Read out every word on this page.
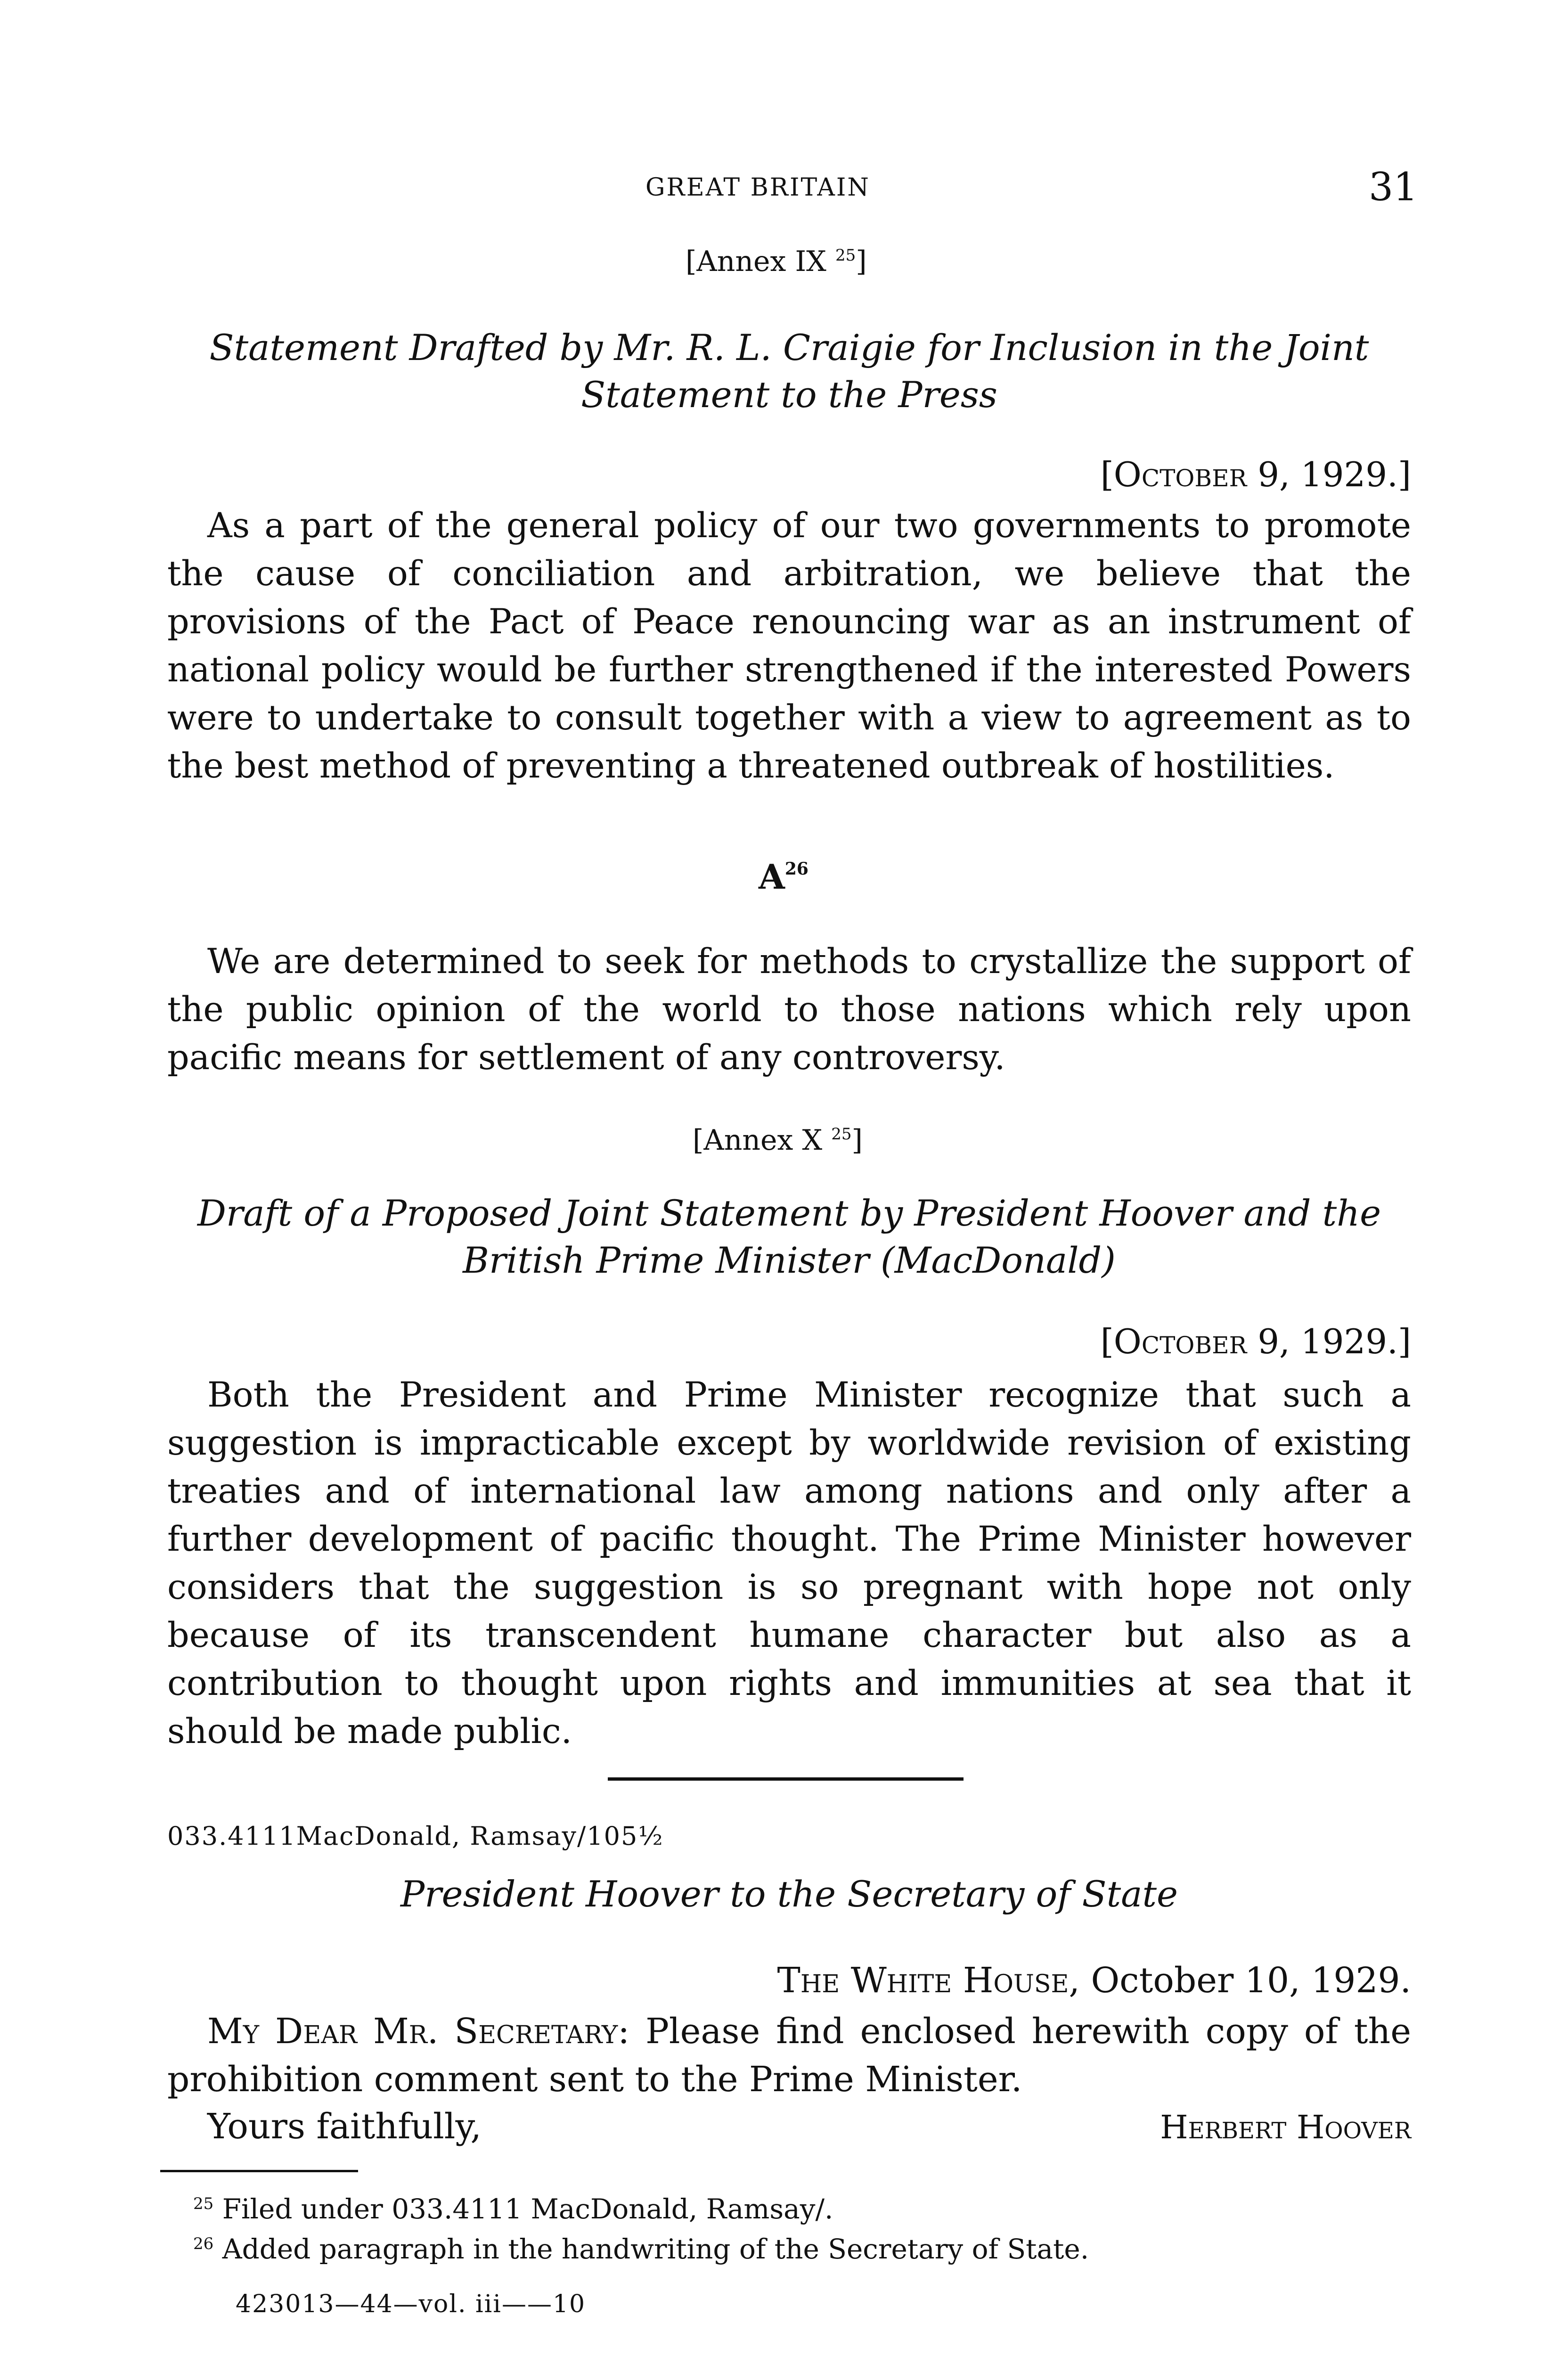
GREAT BRITAIN	31
[Annex IX $^{25}$]
Statement Drafted by Mr. R. L. Craigie for Inclusion in the Joint
Statement to the Press
[October 9, 1929.]
As a part of the general policy of our two governments to promote the cause of conciliation and arbitration, we believe that the provisions of the Pact of Peace renouncing war as an instrument of national policy would be further strengthened if the interested Powers were to undertake to consult together with a view to agreement as to the best method of preventing a threatened outbreak of hostilities.
$A^{26}$
We are determined to seek for methods to crystallize the support of the public opinion of the world to those nations which rely upon pacific means for settlement of any controversy.
[Annex X $^{25}$]
Draft of a Proposed Joint Statement by President Hoover and the
British Prime Minister (MacDonald)
[October 9, 1929.]
Both the President and Prime Minister recognize that such a suggestion is impracticable except by worldwide revision of existing treaties and of international law among nations and only after a further development of pacific thought. The Prime Minister however considers that the suggestion is so pregnant with hope not only because of its transcendent humane character but also as a contribution to thought upon rights and immunities at sea that it should be made public.
033.4111MacDonald, Ramsay/105½
President Hoover to the Secretary of State
The White House, October 10, 1929.
My Dear Mr. Secretary: Please find enclosed herewith copy of the prohibition comment sent to the Prime Minister.
Yours faithfully,	Herbert Hoover
$^{25}$ Filed under 033.4111 MacDonald, Ramsay/.
$^{26}$ Added paragraph in the handwriting of the Secretary of State.
423013—44—vol. iii——10
